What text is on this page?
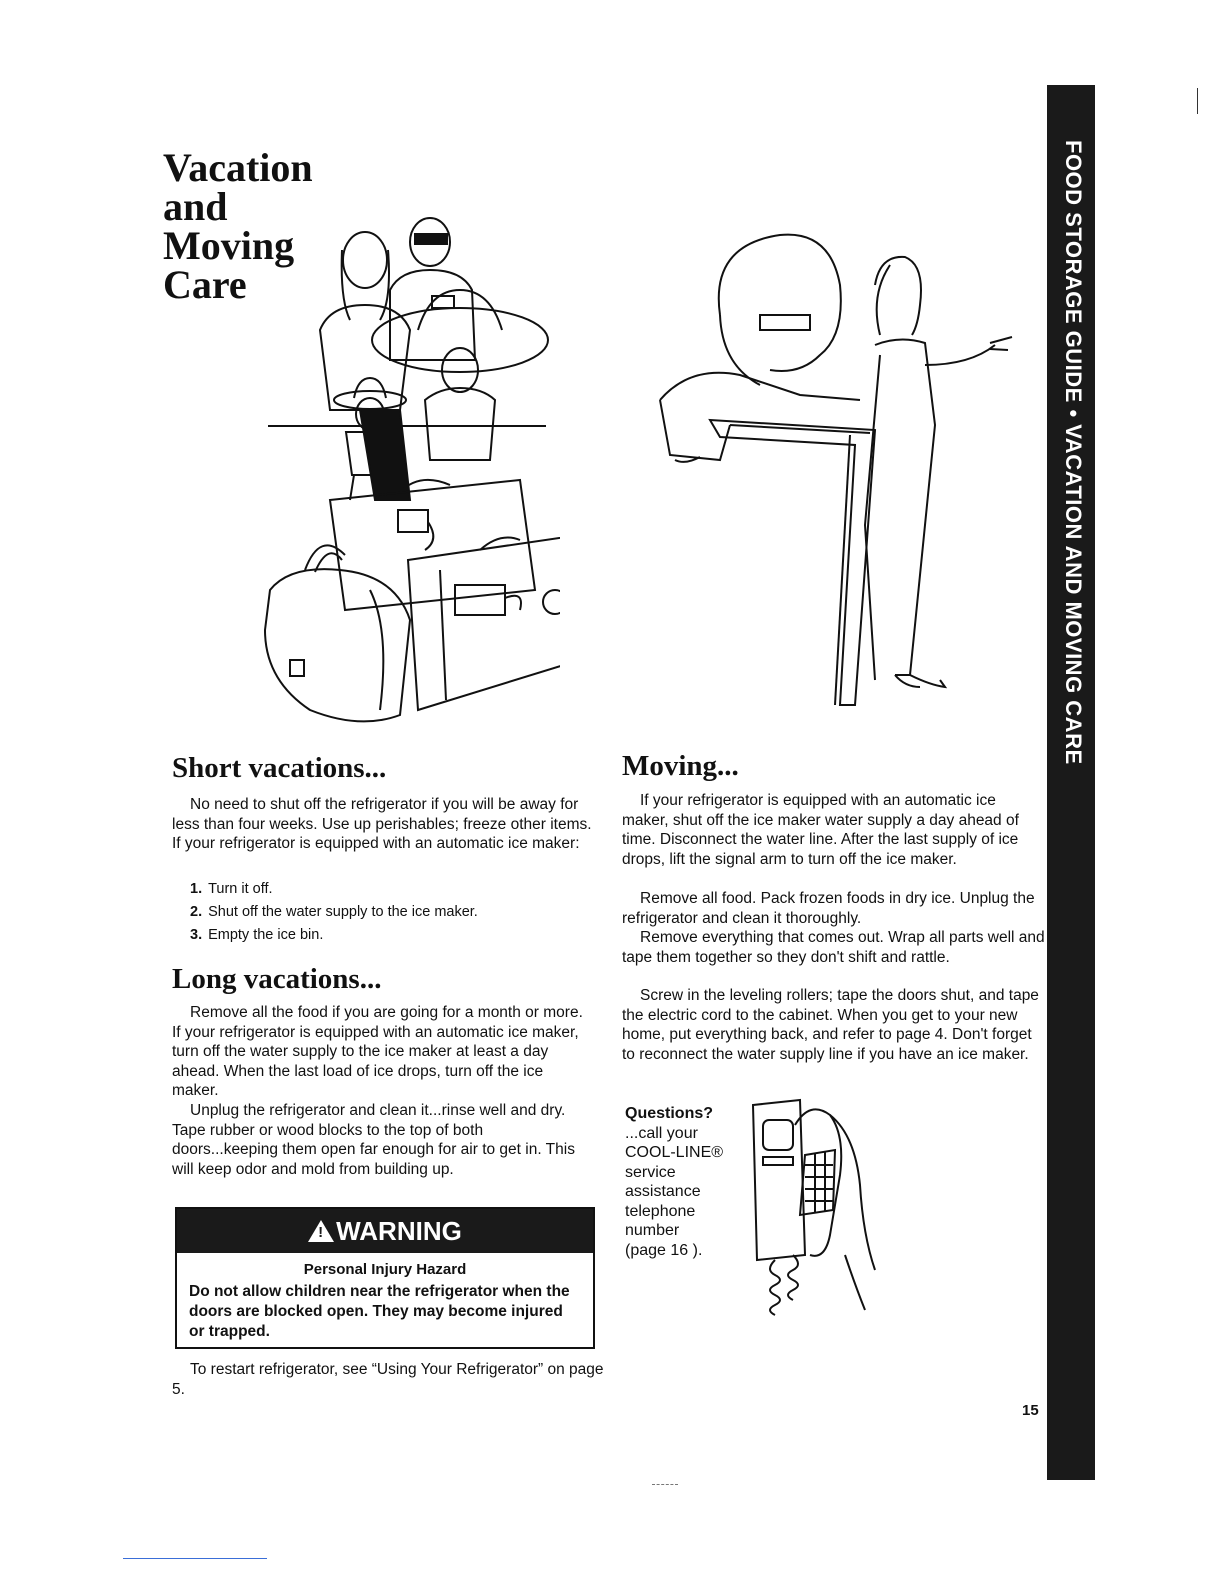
Vacation
and
Moving
Care	FOOD STORAGE GUIDE • VACATION AND MOVING CARE
Short vacations...

No need to shut off the refrigerator if you will be away for less than four weeks. Use up perishables; freeze other items. If your refrigerator is equipped with an automatic ice maker:

1. Turn it off.
2. Shut off the water supply to the ice maker.
3. Empty the ice bin.
Long vacations...

Remove all the food if you are going for a month or more. If your refrigerator is equipped with an automatic ice maker, turn off the water supply to the ice maker at least a day ahead. When the last load of ice drops, turn off the ice maker.

Unplug the refrigerator and clean it...rinse well and dry. Tape rubber or wood blocks to the top of both doors...keeping them open far enough for air to get in. This will keep odor and mold from building up.

!
WARNING
Personal Injury Hazard
Do not allow children near the refrigerator when the doors are blocked open. They may become injured or trapped.

To restart refrigerator, see “Using Your Refrigerator” on page 5.

Moving...

If your refrigerator is equipped with an automatic ice maker, shut off the ice maker water supply a day ahead of time. Disconnect the water line. After the last supply of ice drops, lift the signal arm to turn off the ice maker.

Remove all food. Pack frozen foods in dry ice. Unplug the refrigerator and clean it thoroughly.

Remove everything that comes out. Wrap all parts well and tape them together so they don't shift and rattle.

Screw in the leveling rollers; tape the doors shut, and tape the electric cord to the cabinet. When you get to your new home, put everything back, and refer to page 4. Don't forget to reconnect the water supply line if you have an ice maker.

Questions?
...call your
COOL-LINE®
service
assistance
telephone
number
(page 16 ).
15
